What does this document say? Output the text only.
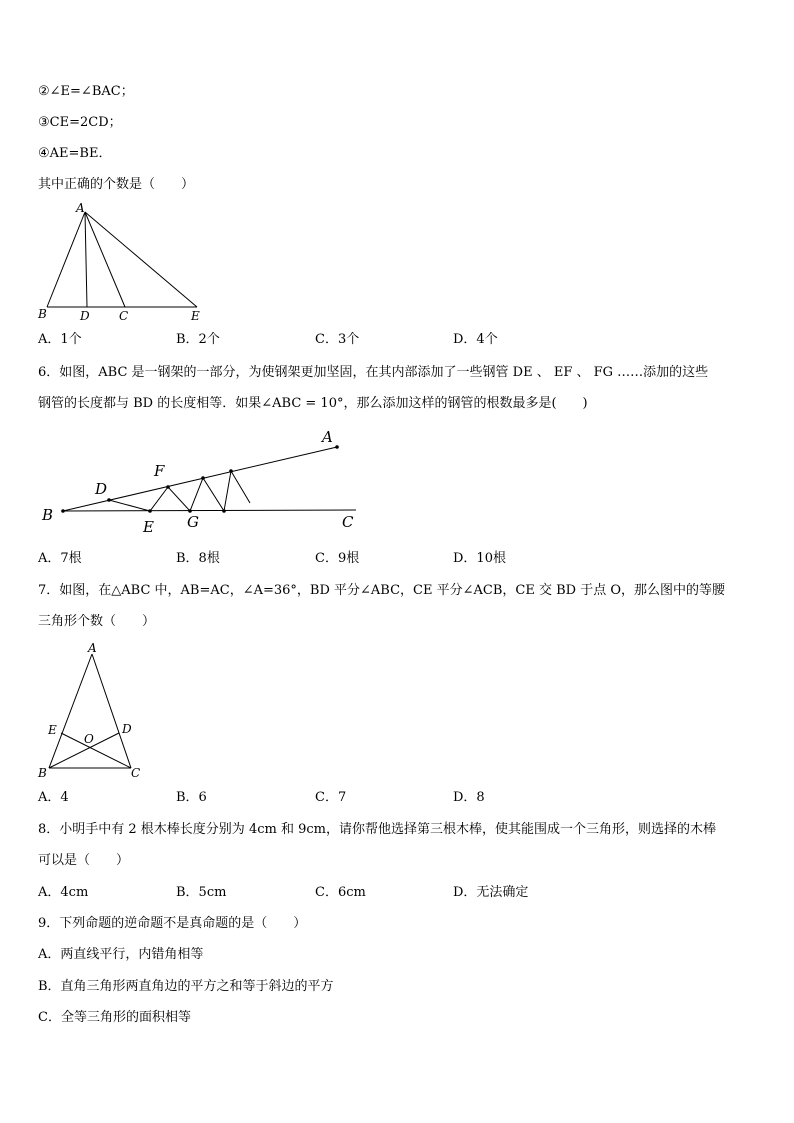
②∠E=∠BAC；
③CE=2CD；
④AE=BE．
其中正确的个数是（　　）
A
B	D C	E
A．1个	B．2个	C．3个	D．4个
6．如图，ABC 是一钢架的一部分，为使钢架更加坚固，在其内部添加了一些钢管 DE 、 EF 、 FG ……添加的这些
钢管的长度都与 BD 的长度相等．如果∠ABC = 10°，那么添加这样的钢管的根数最多是(　　)
A
B	C
D
E
F
G
A．7根	B．8根	C．9根	D．10根
7．如图，在△ABC 中，AB=AC，∠A=36°，BD 平分∠ABC，CE 平分∠ACB，CE 交 BD 于点 O，那么图中的等腰
三角形个数（　　）
A
E	D
O
B	C
A．4	B．6	C．7	D．8
8．小明手中有 2 根木棒长度分别为 4cm 和 9cm，请你帮他选择第三根木棒，使其能围成一个三角形，则选择的木棒
可以是（　　）
A．4cm	B．5cm	C．6cm	D．无法确定
9．下列命题的逆命题不是真命题的是（　　）
A．两直线平行，内错角相等
B．直角三角形两直角边的平方之和等于斜边的平方
C．全等三角形的面积相等
